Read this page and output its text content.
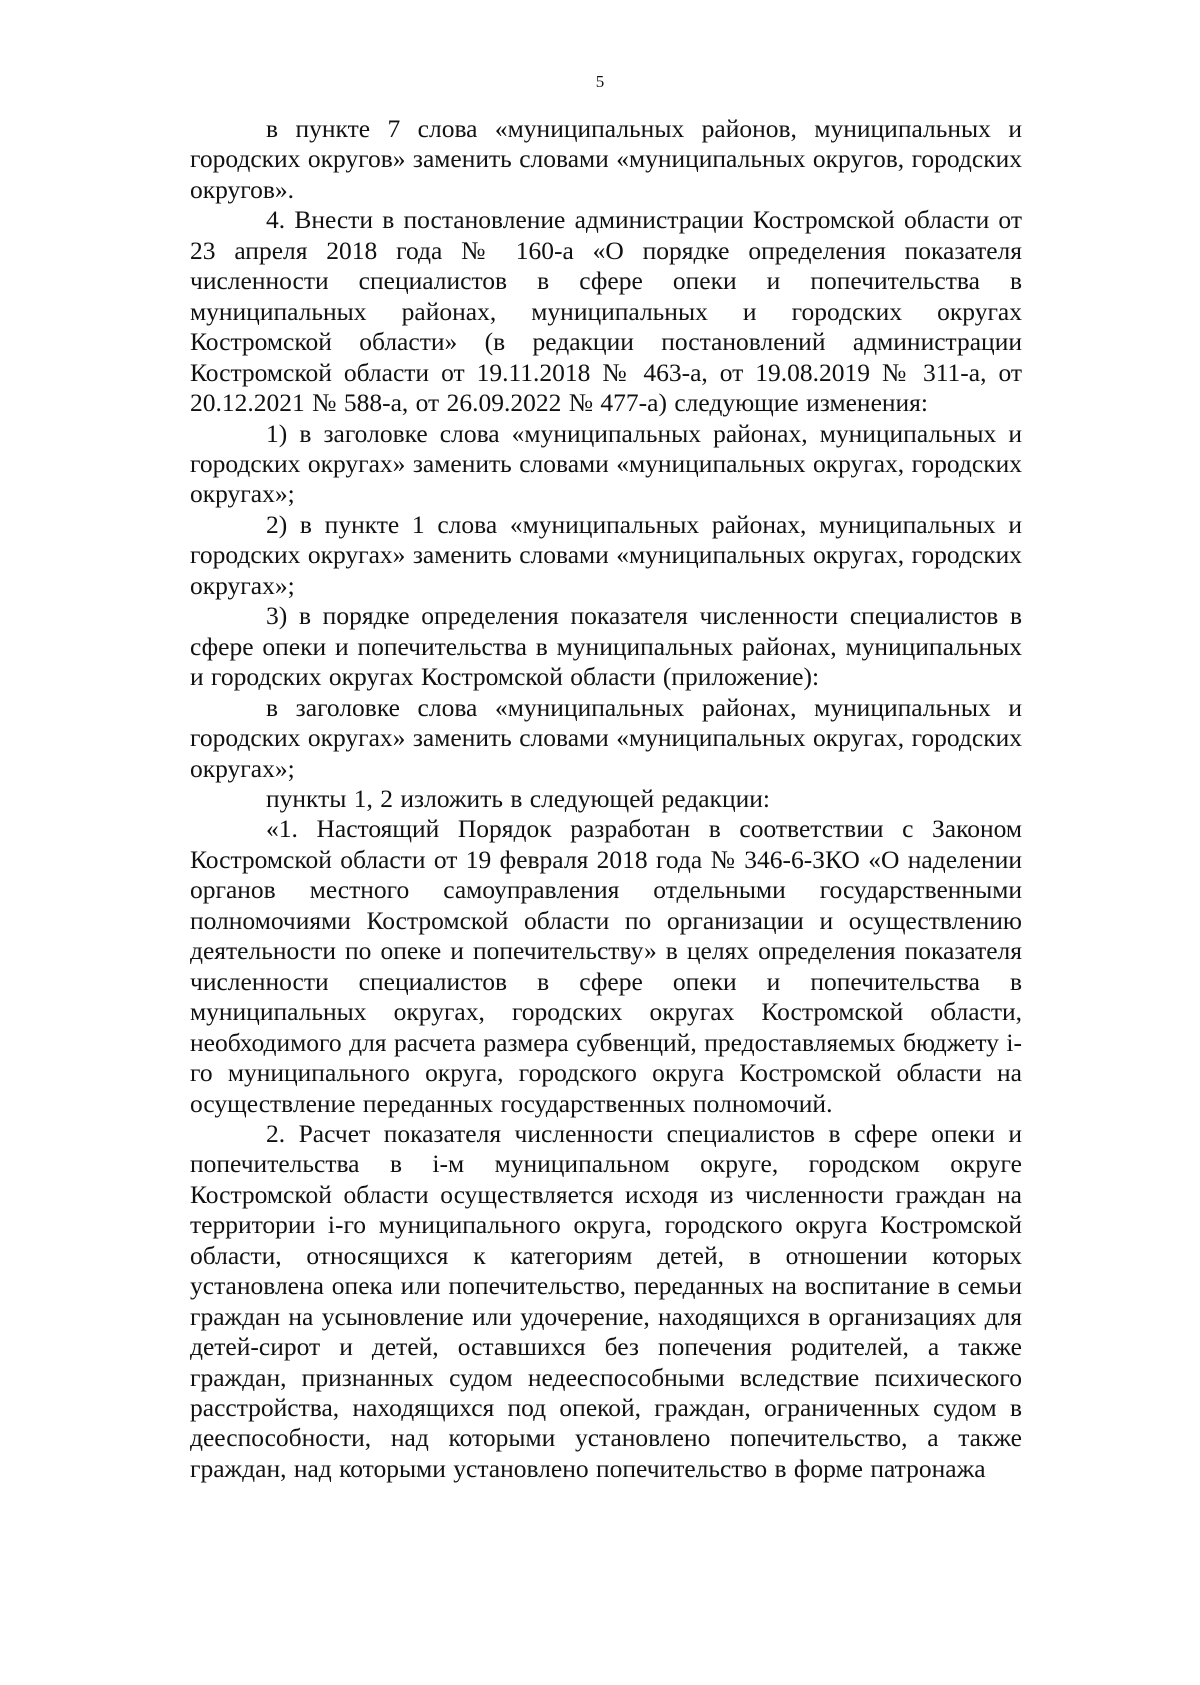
5

в пункте 7 слова «муниципальных районов, муниципальных и городских округов» заменить словами «муниципальных округов, городских округов».

4. Внести в постановление администрации Костромской области от 23 апреля 2018 года № 160-а «О порядке определения показателя численности специалистов в сфере опеки и попечительства в муниципальных районах, муниципальных и городских округах Костромской области» (в редакции постановлений администрации Костромской области от 19.11.2018 № 463-а, от 19.08.2019 № 311-а, от 20.12.2021 № 588-а, от 26.09.2022 № 477-а) следующие изменения:

1) в заголовке слова «муниципальных районах, муниципальных и городских округах» заменить словами «муниципальных округах, городских округах»;

2) в пункте 1 слова «муниципальных районах, муниципальных и городских округах» заменить словами «муниципальных округах, городских округах»;

3) в порядке определения показателя численности специалистов в сфере опеки и попечительства в муниципальных районах, муниципальных и городских округах Костромской области (приложение):

в заголовке слова «муниципальных районах, муниципальных и городских округах» заменить словами «муниципальных округах, городских округах»;

пункты 1, 2 изложить в следующей редакции:

«1. Настоящий Порядок разработан в соответствии с Законом Костромской области от 19 февраля 2018 года № 346-6-ЗКО «О наделении органов местного самоуправления отдельными государственными полномочиями Костромской области по организации и осуществлению деятельности по опеке и попечительству» в целях определения показателя численности специалистов в сфере опеки и попечительства в муниципальных округах, городских округах Костромской области, необходимого для расчета размера субвенций, предоставляемых бюджету i-го муниципального округа, городского округа Костромской области на осуществление переданных государственных полномочий.

2. Расчет показателя численности специалистов в сфере опеки и попечительства в i-м муниципальном округе, городском округе Костромской области осуществляется исходя из численности граждан на территории i-го муниципального округа, городского округа Костромской области, относящихся к категориям детей, в отношении которых установлена опека или попечительство, переданных на воспитание в семьи граждан на усыновление или удочерение, находящихся в организациях для детей-сирот и детей, оставшихся без попечения родителей, а также граждан, признанных судом недееспособными вследствие психического расстройства, находящихся под опекой, граждан, ограниченных судом в дееспособности, над которыми установлено попечительство, а также граждан, над которыми установлено попечительство в форме патронажа
